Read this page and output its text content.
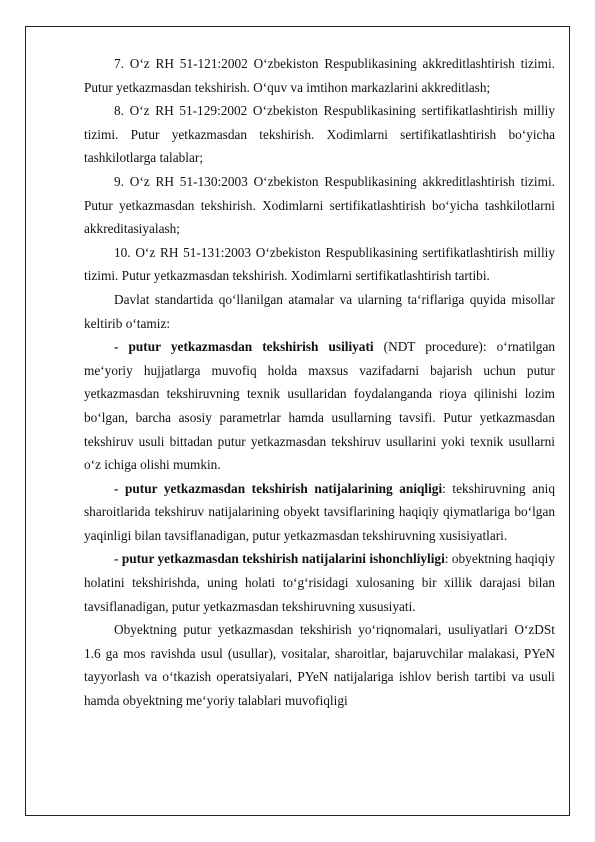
7. O‘z RH 51-121:2002 O‘zbekiston Respublikasining akkreditlashtirish tizimi. Putur yetkazmasdan tekshirish. O‘quv va imtihon markazlarini akkreditlash;

8. O‘z RH 51-129:2002 O‘zbekiston Respublikasining sertifikatlashtirish milliy tizimi. Putur yetkazmasdan tekshirish. Xodimlarni sertifikatlashtirish bo‘yicha tashkilotlarga talablar;

9. O‘z RH 51-130:2003 O‘zbekiston Respublikasining akkreditlashtirish tizimi. Putur yetkazmasdan tekshirish. Xodimlarni sertifikatlashtirish bo‘yicha tashkilotlarni akkreditasiyalash;

10. O‘z RH 51-131:2003 O‘zbekiston Respublikasining sertifikatlashtirish milliy tizimi. Putur yetkazmasdan tekshirish. Xodimlarni sertifikatlashtirish tartibi.

Davlat standartida qo‘llanilgan atamalar va ularning ta‘riflariga quyida misollar keltirib o‘tamiz:

- putur yetkazmasdan tekshirish usiliyati (NDT procedure): o‘rnatilgan me‘yoriy hujjatlarga muvofiq holda maxsus vazifadarni bajarish uchun putur yetkazmasdan tekshiruvning texnik usullaridan foydalanganda rioya qilinishi lozim bo‘lgan, barcha asosiy parametrlar hamda usullarning tavsifi. Putur yetkazmasdan tekshiruv usuli bittadan putur yetkazmasdan tekshiruv usullarini yoki texnik usullarni o‘z ichiga olishi mumkin.

- putur yetkazmasdan tekshirish natijalarining aniqligi: tekshiruvning aniq sharoitlarida tekshiruv natijalarining obyekt tavsiflarining haqiqiy qiymatlariga bo‘lgan yaqinligi bilan tavsiflanadigan, putur yetkazmasdan tekshiruvning xusisiyatlari.

- putur yetkazmasdan tekshirish natijalarini ishonchliyligi: obyektning haqiqiy holatini tekshirishda, uning holati to‘g‘risidagi xulosaning bir xillik darajasi bilan tavsiflanadigan, putur yetkazmasdan tekshiruvning xususiyati.

Obyektning putur yetkazmasdan tekshirish yo‘riqnomalari, usuliyatlari O‘zDSt 1.6 ga mos ravishda usul (usullar), vositalar, sharoitlar, bajaruvchilar malakasi, PYeN tayyorlash va o‘tkazish operatsiyalari, PYeN natijalariga ishlov berish tartibi va usuli hamda obyektning me‘yoriy talablari muvofiqligi
